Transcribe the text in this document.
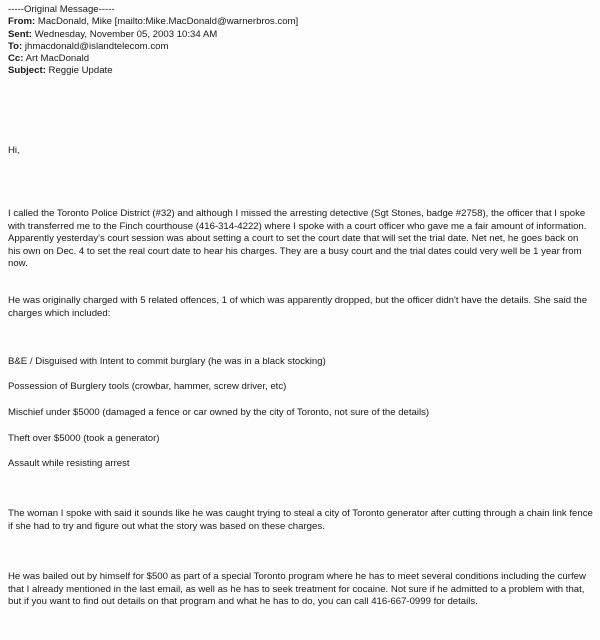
-----Original Message-----
From: MacDonald, Mike [mailto:Mike.MacDonald@warnerbros.com]
Sent: Wednesday, November 05, 2003 10:34 AM
To: jhmacdonald@islandtelecom.com
Cc: Art MacDonald
Subject: Reggie Update

Hi,

I called the Toronto Police District (#32) and although I missed the arresting detective (Sgt Stones, badge #2758), the officer that I spoke with transferred me to the Finch courthouse (416-314-4222) where I spoke with a court officer who gave me a fair amount of information. Apparently yesterday's court session was about setting a court to set the court date that will set the trial date. Net net, he goes back on his own on Dec. 4 to set the real court date to hear his charges. They are a busy court and the trial dates could very well be 1 year from now.

He was originally charged with 5 related offences, 1 of which was apparently dropped, but the officer didn't have the details. She said the charges which included:

B&E / Disguised with Intent to commit burglary (he was in a black stocking)

Possession of Burglery tools (crowbar, hammer, screw driver, etc)

Mischief under $5000 (damaged a fence or car owned by the city of Toronto, not sure of the details)

Theft over $5000 (took a generator)

Assault while resisting arrest

The woman I spoke with said it sounds like he was caught trying to steal a city of Toronto generator after cutting through a chain link fence if she had to try and figure out what the story was based on these charges.

He was bailed out by himself for $500 as part of a special Toronto program where he has to meet several conditions including the curfew that I already mentioned in the last email, as well as he has to seek treatment for cocaine. Not sure if he admitted to a problem with that, but if you want to find out details on that program and what he has to do, you can call 416-667-0999 for details.
